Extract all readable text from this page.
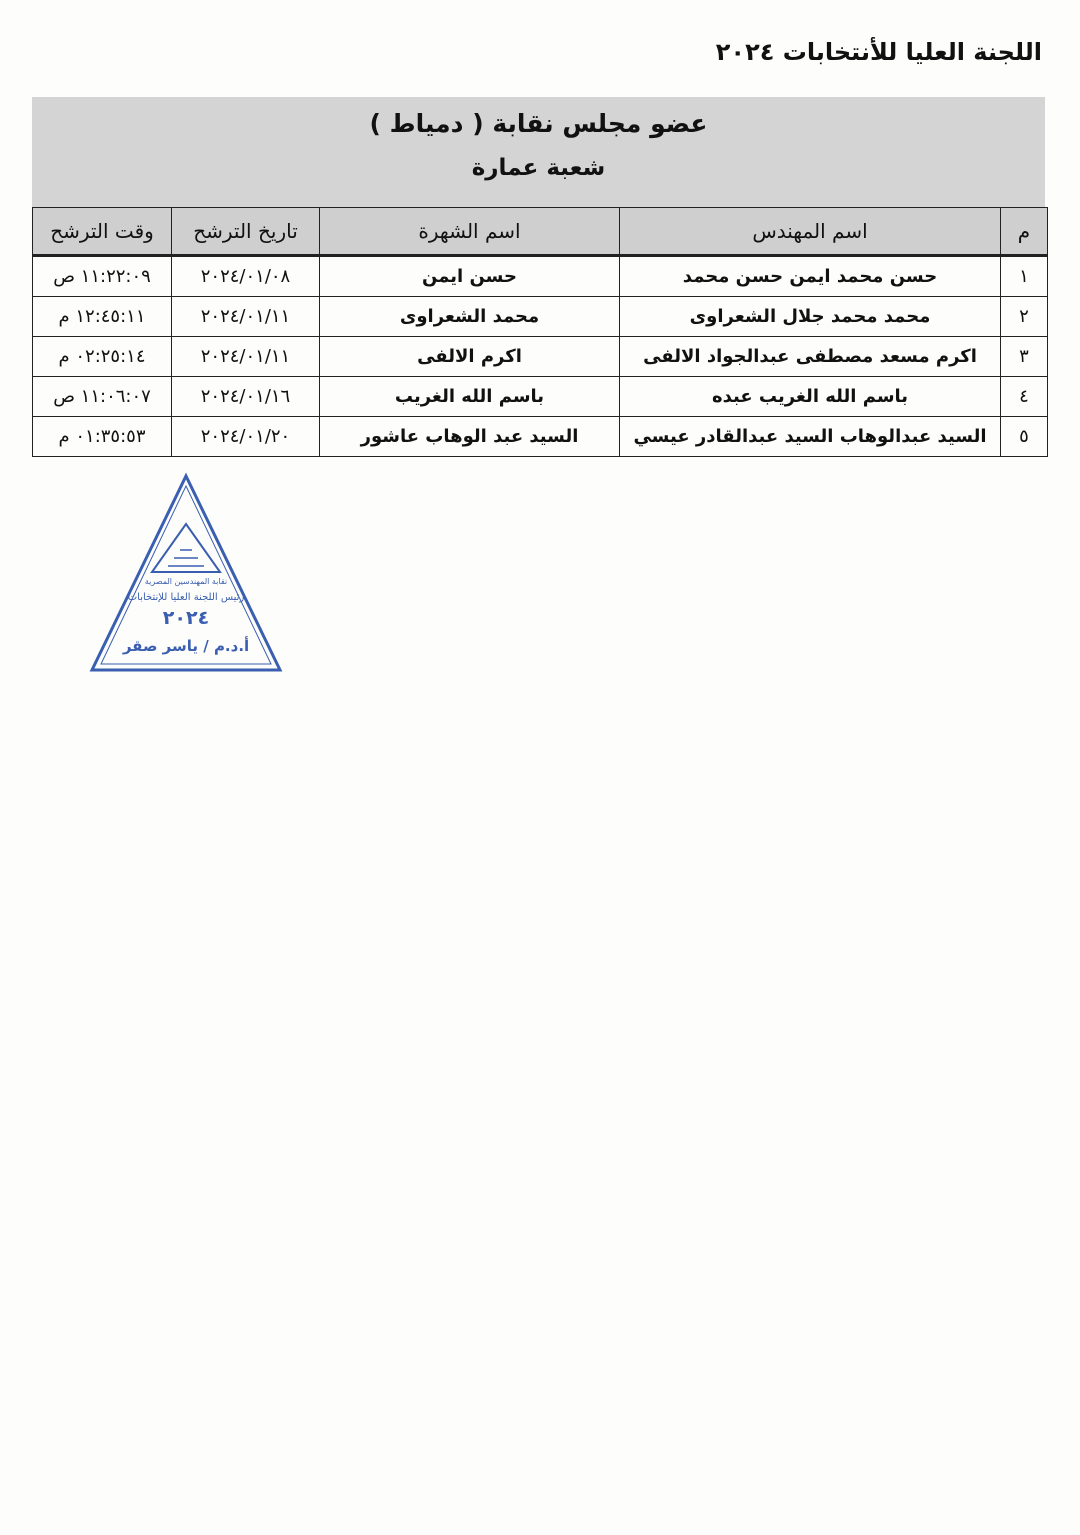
اللجنة العليا للأنتخابات ٢٠٢٤
عضو مجلس نقابة ( دمياط )
شعبة عمارة
م	اسم المهندس	اسم الشهرة	تاريخ الترشح	وقت الترشح
١	حسن محمد ايمن حسن محمد	حسن ايمن	٢٠٢٤/٠١/٠٨	١١:٢٢:٠٩ ص
٢	محمد محمد جلال الشعراوى	محمد الشعراوى	٢٠٢٤/٠١/١١	١٢:٤٥:١١ م
٣	اكرم مسعد مصطفى عبدالجواد الالفى	اكرم الالفى	٢٠٢٤/٠١/١١	٠٢:٢٥:١٤ م
٤	باسم الله الغريب عبده	باسم الله الغريب	٢٠٢٤/٠١/١٦	١١:٠٦:٠٧ ص
٥	السيد عبدالوهاب السيد عبدالقادر عيسي	السيد عبد الوهاب عاشور	٢٠٢٤/٠١/٢٠	٠١:٣٥:٥٣ م
نقابة المهندسين المصرية
رئيس اللجنة العليا للإنتخابات
٢٠٢٤
أ.د.م / ياسر صقر
